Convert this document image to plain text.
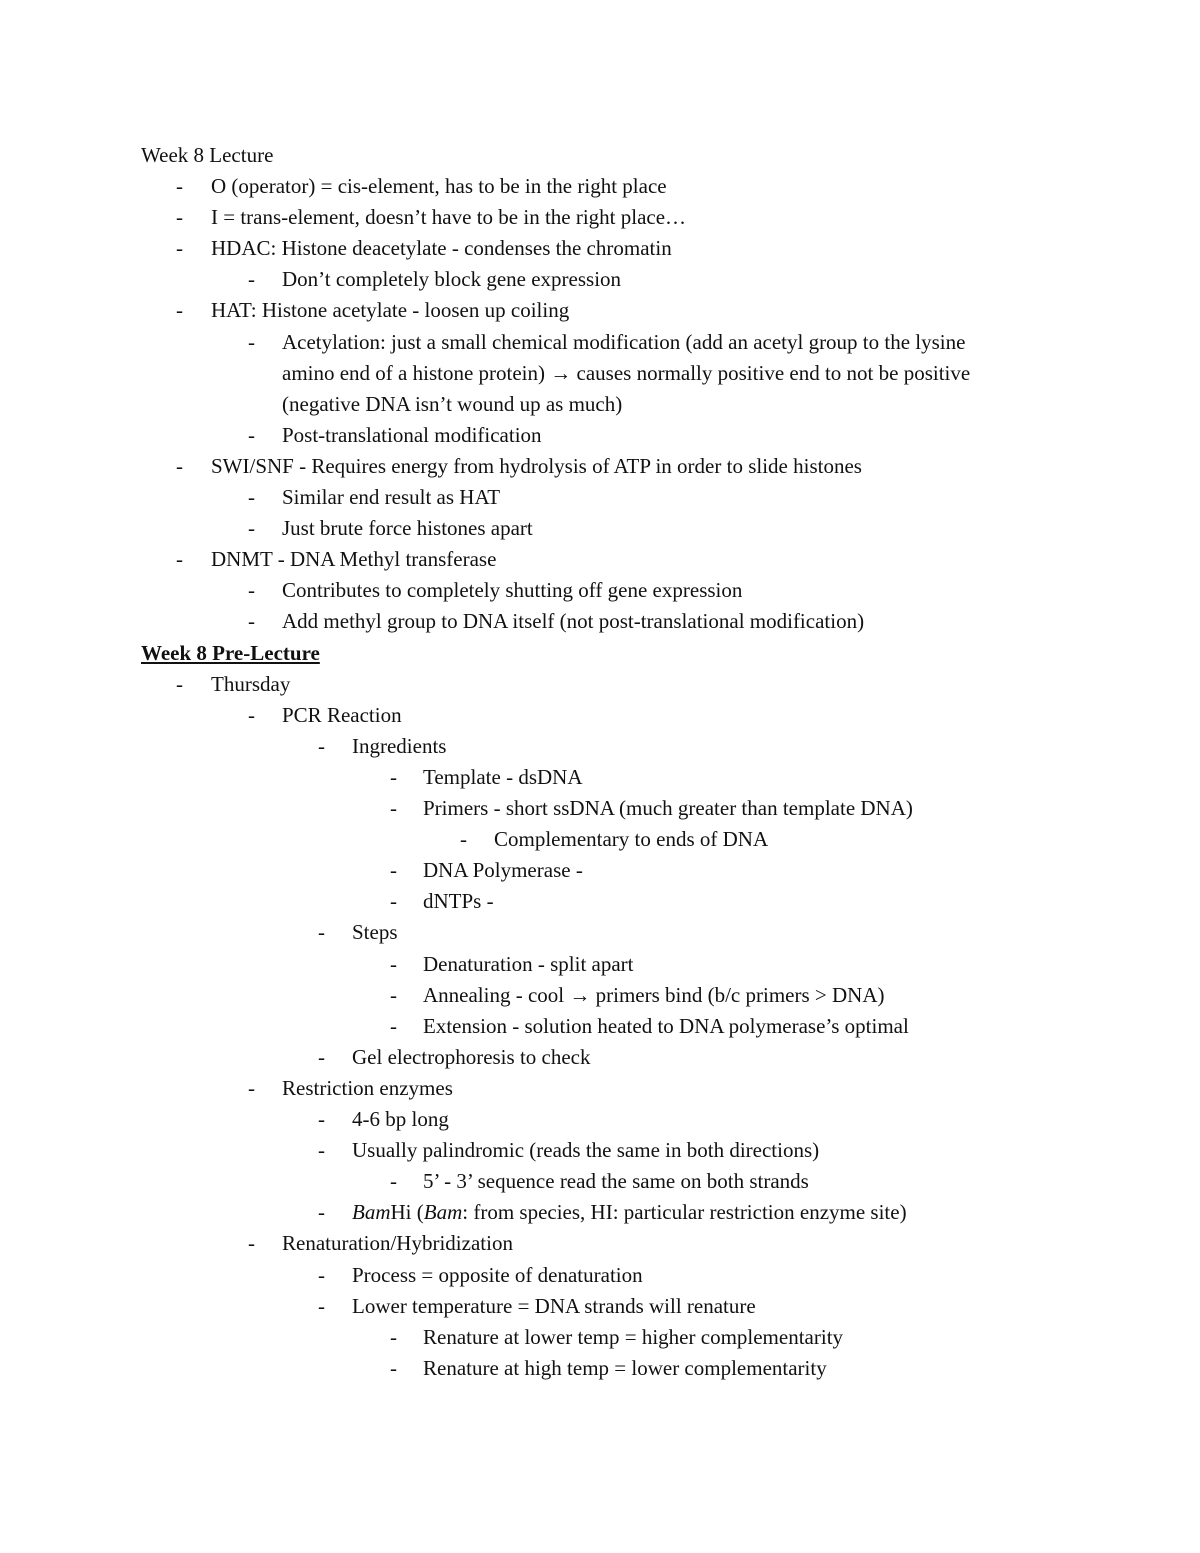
Week 8 Lecture
- O (operator) = cis-element, has to be in the right place
- I = trans-element, doesn’t have to be in the right place…
- HDAC: Histone deacetylate - condenses the chromatin
- Don’t completely block gene expression
- HAT: Histone acetylate - loosen up coiling
- Acetylation: just a small chemical modification (add an acetyl group to the lysine
amino end of a histone protein) → causes normally positive end to not be positive
(negative DNA isn’t wound up as much)
- Post-translational modification
- SWI/SNF - Requires energy from hydrolysis of ATP in order to slide histones
- Similar end result as HAT
- Just brute force histones apart
- DNMT - DNA Methyl transferase
- Contributes to completely shutting off gene expression
- Add methyl group to DNA itself (not post-translational modification)
Week 8 Pre-Lecture
- Thursday
- PCR Reaction
- Ingredients
- Template - dsDNA
- Primers - short ssDNA (much greater than template DNA)
- Complementary to ends of DNA
- DNA Polymerase -
- dNTPs -
- Steps
- Denaturation - split apart
- Annealing - cool → primers bind (b/c primers > DNA)
- Extension - solution heated to DNA polymerase’s optimal
- Gel electrophoresis to check
- Restriction enzymes
- 4-6 bp long
- Usually palindromic (reads the same in both directions)
- 5’ - 3’ sequence read the same on both strands
- BamHi (Bam: from species, HI: particular restriction enzyme site)
- Renaturation/Hybridization
- Process = opposite of denaturation
- Lower temperature = DNA strands will renature
- Renature at lower temp = higher complementarity
- Renature at high temp = lower complementarity
